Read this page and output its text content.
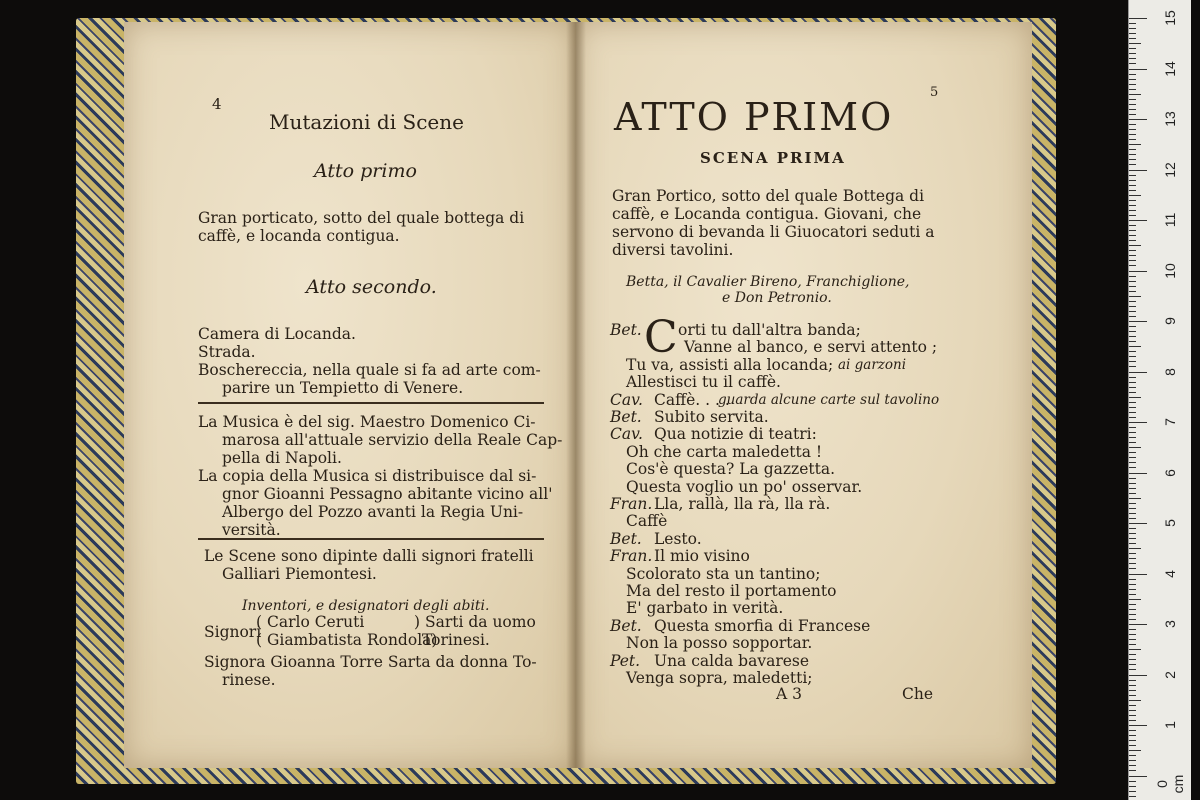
4
Mutazioni di Scene
Atto primo
Gran porticato, sotto del quale bottega di
caffè, e locanda contigua.
Atto secondo.
Camera di Locanda.
Strada.
Boschereccia, nella quale si fa ad arte com-
parire un Tempietto di Venere.
La Musica è del sig. Maestro Domenico Ci-
marosa all'attuale servizio della Reale Cap-
pella di Napoli.
La copia della Musica si distribuisce dal si-
gnor Gioanni Pessagno abitante vicino all'
Albergo del Pozzo avanti la Regia Uni-
versità.
Le Scene sono dipinte dalli signori fratelli
Galliari Piemontesi.
Inventori, e designatori degli abiti.
Signori
( Carlo Ceruti
( Giambatista Rondola)
) Sarti da uomo
Torinesi.
Signora Gioanna Torre Sarta da donna To-
rinese.
5
ATTO PRIMO
SCENA PRIMA
Gran Portico, sotto del quale Bottega di
caffè, e Locanda contigua. Giovani, che
servono di bevanda li Giuocatori seduti a
diversi tavolini.
Betta, il Cavalier Bireno, Franchiglione,
e Don Petronio.
A 3	Che
Bet. C orti tu dall'altra banda;
Vanne al banco, e servi attento ;
Tu va, assisti alla locanda; ai garzoni
Allestisci tu il caffè.
Cav. Caffè. . . .
guarda alcune carte sul tavolino
Bet. Subito servita.
Cav. Qua notizie di teatri:
Oh che carta maledetta !
Cos'è questa? La gazzetta.
Questa voglio un po' osservar.
Fran. Lla, rallà, lla rà, lla rà.
Caffè
Bet. Lesto.
Fran. Il mio visino
Scolorato sta un tantino;
Ma del resto il portamento
E' garbato in verità.
Bet. Questa smorfia di Francese
Non la posso sopportar.
Pet. Una calda bavarese
Venga sopra, maledetti;
15
14
13
12
11
10
9
8
7
6
5
4
3
2
1
0 cm
